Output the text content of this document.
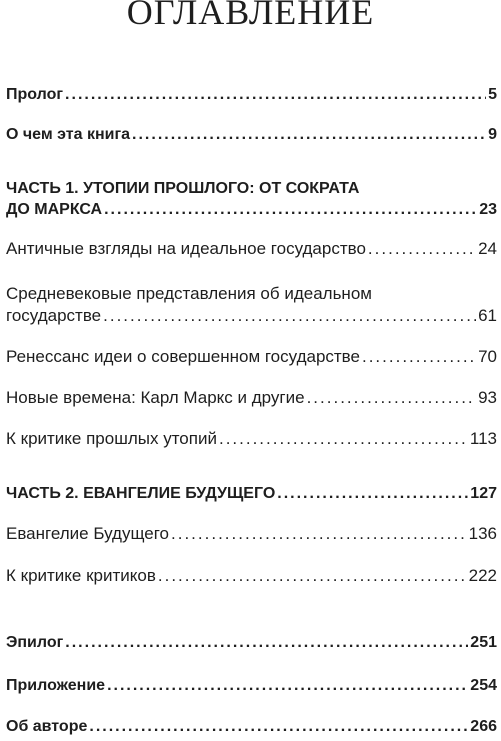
ОГЛАВЛЕНИЕ
Пролог .....	5
О чем эта книга .....	9
ЧАСТЬ 1. УТОПИИ ПРОШЛОГО: ОТ СОКРАТА
ДО МАРКСА .....	23
Античные взгляды на идеальное государство .....	24
Средневековые представления об идеальном
государстве .....	61
Ренессанс идеи о совершенном государстве .....	70
Новые времена: Карл Маркс и другие .....	93
К критике прошлых утопий .....	113
ЧАСТЬ 2. ЕВАНГЕЛИЕ БУДУЩЕГО .....	127
Евангелие Будущего .....	136
К критике критиков .....	222
Эпилог .....	251
Приложение .....	254
Об авторе .....	266
